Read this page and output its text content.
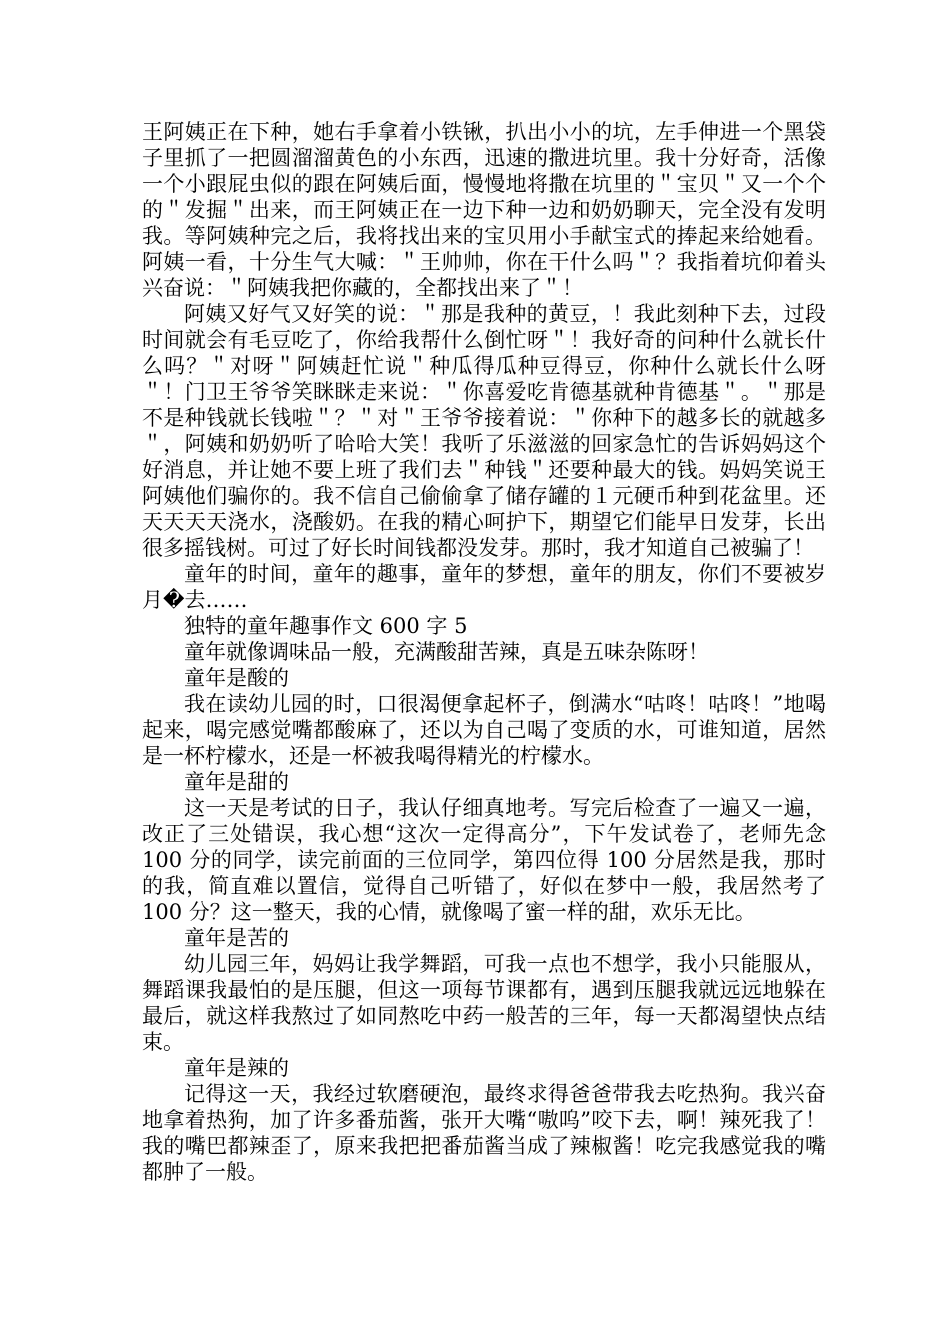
王阿姨正在下种，她右手拿着小铁锹，扒出小小的坑，左手伸进一个黑袋子里抓了一把圆溜溜黄色的小东西，迅速的撒进坑里。我十分好奇，活像一个小跟屁虫似的跟在阿姨后面，慢慢地将撒在坑里的＂宝贝＂又一个个的＂发掘＂出来，而王阿姨正在一边下种一边和奶奶聊天，完全没有发明我。等阿姨种完之后，我将找出来的宝贝用小手献宝式的捧起来给她看。阿姨一看，十分生气大喊：＂王帅帅，你在干什么吗＂？我指着坑仰着头兴奋说：＂阿姨我把你藏的，全都找出来了＂！

阿姨又好气又好笑的说：＂那是我种的黄豆，！我此刻种下去，过段时间就会有毛豆吃了，你给我帮什么倒忙呀＂！我好奇的问种什么就长什么吗？＂对呀＂阿姨赶忙说＂种瓜得瓜种豆得豆，你种什么就长什么呀＂！门卫王爷爷笑眯眯走来说：＂你喜爱吃肯德基就种肯德基＂。＂那是不是种钱就长钱啦＂？＂对＂王爷爷接着说：＂你种下的越多长的就越多＂，阿姨和奶奶听了哈哈大笑！我听了乐滋滋的回家急忙的告诉妈妈这个好消息，并让她不要上班了我们去＂种钱＂还要种最大的钱。妈妈笑说王阿姨他们骗你的。我不信自己偷偷拿了储存罐的１元硬币种到花盆里。还天天天天浇水，浇酸奶。在我的精心呵护下，期望它们能早日发芽，长出很多摇钱树。可过了好长时间钱都没发芽。那时，我才知道自己被骗了！

童年的时间，童年的趣事，童年的梦想，童年的朋友，你们不要被岁月�去……

独特的童年趣事作文 600 字 5

童年就像调味品一般，充满酸甜苦辣，真是五味杂陈呀！

童年是酸的

我在读幼儿园的时，口很渴便拿起杯子，倒满水“咕咚！咕咚！”地喝起来，喝完感觉嘴都酸麻了，还以为自己喝了变质的水，可谁知道，居然是一杯柠檬水，还是一杯被我喝得精光的柠檬水。

童年是甜的

这一天是考试的日子，我认仔细真地考。写完后检查了一遍又一遍，改正了三处错误，我心想“这次一定得高分”，下午发试卷了，老师先念 100 分的同学，读完前面的三位同学，第四位得 100 分居然是我，那时的我，简直难以置信，觉得自己听错了，好似在梦中一般，我居然考了 100 分？这一整天，我的心情，就像喝了蜜一样的甜，欢乐无比。

童年是苦的

幼儿园三年，妈妈让我学舞蹈，可我一点也不想学，我小只能服从，舞蹈课我最怕的是压腿，但这一项每节课都有，遇到压腿我就远远地躲在最后，就这样我熬过了如同熬吃中药一般苦的三年，每一天都渴望快点结束。

童年是辣的

记得这一天，我经过软磨硬泡，最终求得爸爸带我去吃热狗。我兴奋地拿着热狗，加了许多番茄酱，张开大嘴“嗷呜”咬下去，啊！辣死我了！我的嘴巴都辣歪了，原来我把把番茄酱当成了辣椒酱！吃完我感觉我的嘴都肿了一般。
